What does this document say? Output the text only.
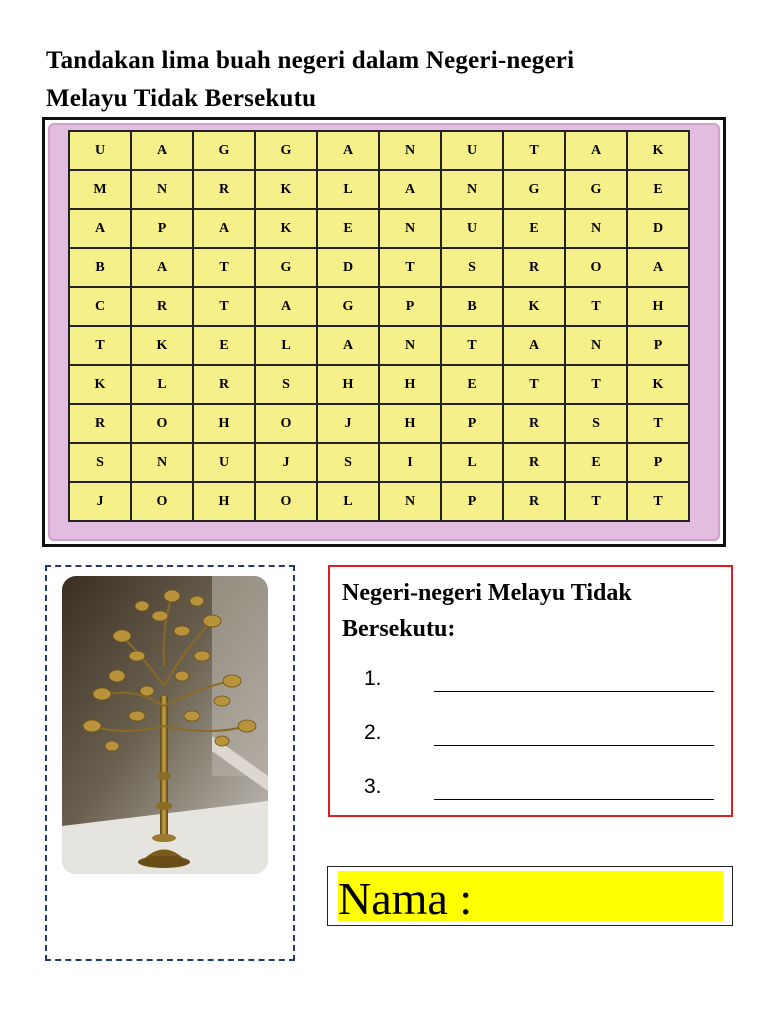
Tandakan lima buah negeri dalam Negeri-negeri
Melayu Tidak Bersekutu
U	A	G	G	A	N	U	T	A	K
M	N	R	K	L	A	N	G	G	E
A	P	A	K	E	N	U	E	N	D
B	A	T	G	D	T	S	R	O	A
C	R	T	A	G	P	B	K	T	H
T	K	E	L	A	N	T	A	N	P
K	L	R	S	H	H	E	T	T	K
R	O	H	O	J	H	P	R	S	T
S	N	U	J	S	I	L	R	E	P
J	O	H	O	L	N	P	R	T	T
Negeri-negeri Melayu Tidak
Bersekutu:
1.
2.
3.
Nama :
